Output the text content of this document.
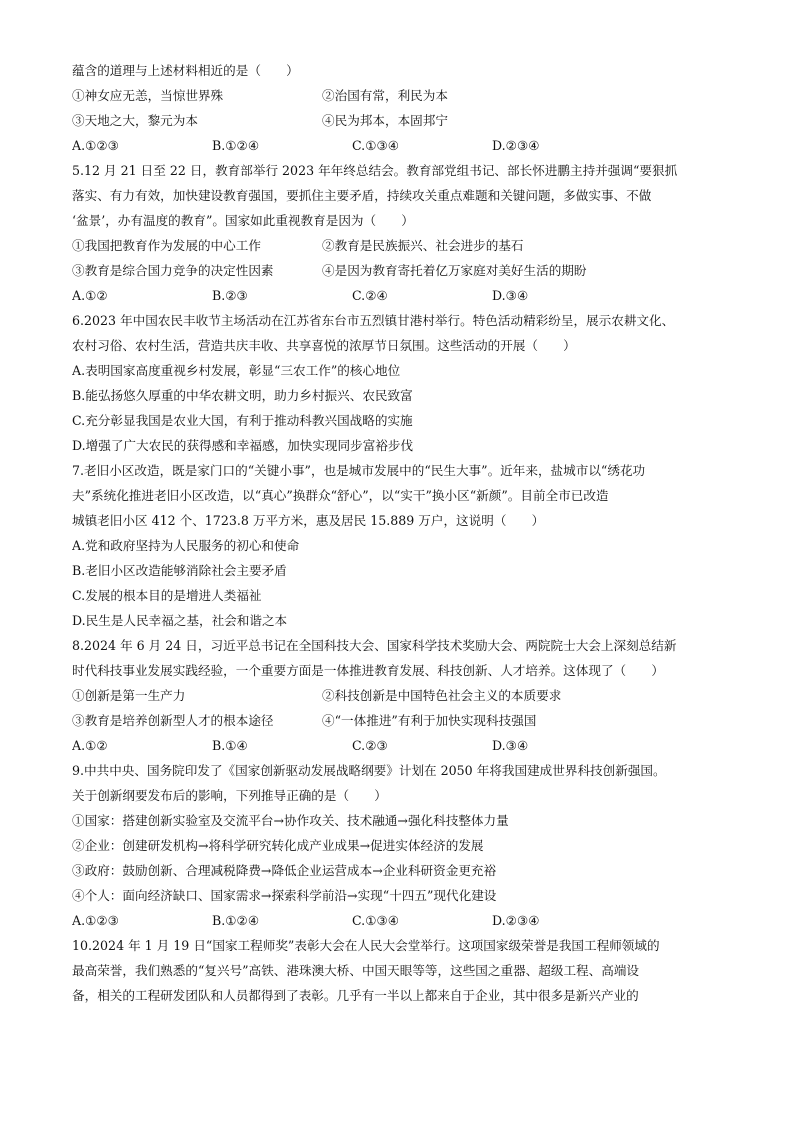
蕴含的道理与上述材料相近的是（　　）
①神女应无恙，当惊世界殊	②治国有常，利民为本
③天地之大，黎元为本	④民为邦本，本固邦宁
A.①②③	B.①②④	C.①③④	D.②③④
5.12 月 21 日至 22 日，教育部举行 2023 年年终总结会。教育部党组书记、部长怀进鹏主持并强调“要狠抓
落实、有力有效，加快建设教育强国，要抓住主要矛盾，持续攻关重点难题和关键问题，多做实事、不做
‘盆景’，办有温度的教育”。国家如此重视教育是因为（　　）
①我国把教育作为发展的中心工作	②教育是民族振兴、社会进步的基石
③教育是综合国力竞争的决定性因素	④是因为教育寄托着亿万家庭对美好生活的期盼
A.①②	B.②③	C.②④	D.③④
6.2023 年中国农民丰收节主场活动在江苏省东台市五烈镇甘港村举行。特色活动精彩纷呈，展示农耕文化、
农村习俗、农村生活，营造共庆丰收、共享喜悦的浓厚节日氛围。这些活动的开展（　　）
A.表明国家高度重视乡村发展，彰显“三农工作”的核心地位
B.能弘扬悠久厚重的中华农耕文明，助力乡村振兴、农民致富
C.充分彰显我国是农业大国，有利于推动科教兴国战略的实施
D.增强了广大农民的获得感和幸福感，加快实现同步富裕步伐
7.老旧小区改造，既是家门口的“关键小事”，也是城市发展中的“民生大事”。近年来，盐城市以“绣花功
夫”系统化推进老旧小区改造，以“真心”换群众“舒心”，以“实干”换小区“新颜”。目前全市已改造
城镇老旧小区 412 个、1723.8 万平方米，惠及居民 15.889 万户，这说明（　　）
A.党和政府坚持为人民服务的初心和使命
B.老旧小区改造能够消除社会主要矛盾
C.发展的根本目的是增进人类福祉
D.民生是人民幸福之基，社会和谐之本
8.2024 年 6 月 24 日，习近平总书记在全国科技大会、国家科学技术奖励大会、两院院士大会上深刻总结新
时代科技事业发展实践经验，一个重要方面是一体推进教育发展、科技创新、人才培养。这体现了（　　）
①创新是第一生产力	②科技创新是中国特色社会主义的本质要求
③教育是培养创新型人才的根本途径	④“一体推进”有利于加快实现科技强国
A.①②	B.①④	C.②③	D.③④
9.中共中央、国务院印发了《国家创新驱动发展战略纲要》计划在 2050 年将我国建成世界科技创新强国。
关于创新纲要发布后的影响，下列推导正确的是（　　）
①国家：搭建创新实验室及交流平台→协作攻关、技术融通→强化科技整体力量
②企业：创建研发机构→将科学研究转化成产业成果→促进实体经济的发展
③政府：鼓励创新、合理减税降费→降低企业运营成本→企业科研资金更充裕
④个人：面向经济缺口、国家需求→探索科学前沿→实现“十四五”现代化建设
A.①②③	B.①②④	C.①③④	D.②③④
10.2024 年 1 月 19 日“国家工程师奖”表彰大会在人民大会堂举行。这项国家级荣誉是我国工程师领域的
最高荣誉，我们熟悉的“复兴号”高铁、港珠澳大桥、中国天眼等等，这些国之重器、超级工程、高端设
备，相关的工程研发团队和人员都得到了表彰。几乎有一半以上都来自于企业，其中很多是新兴产业的
